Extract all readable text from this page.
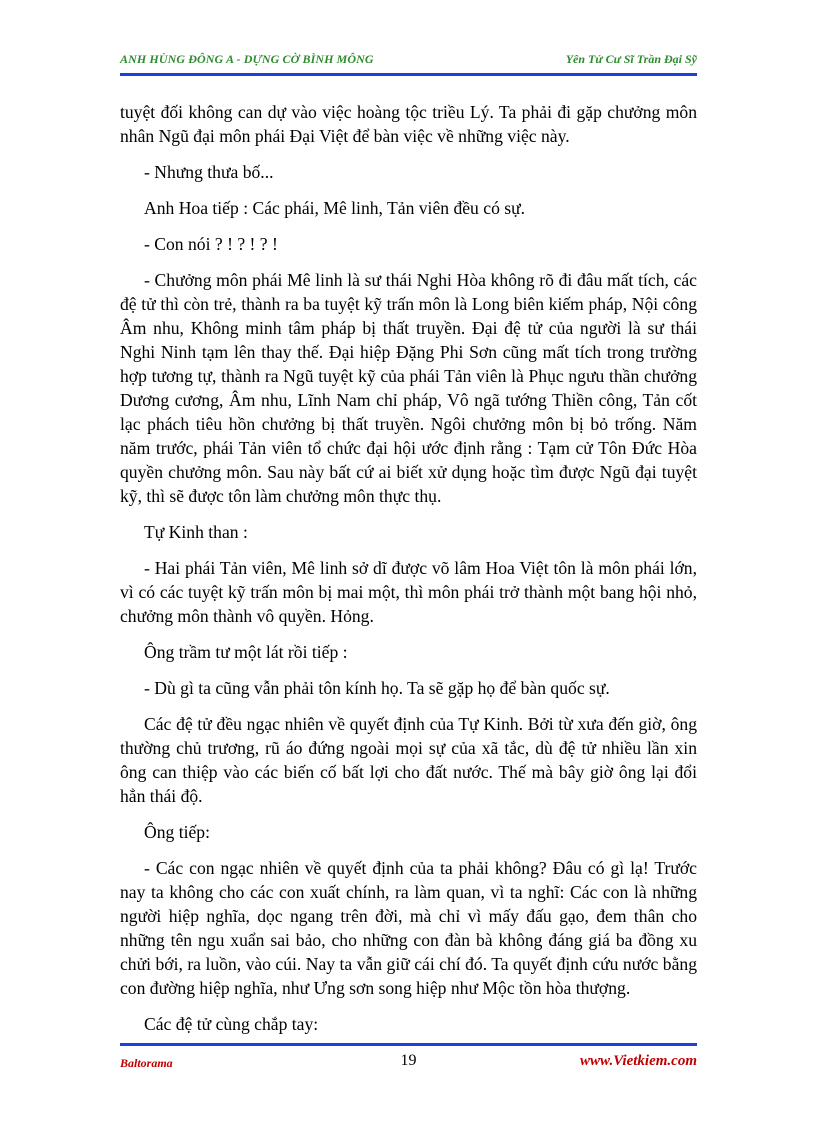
ANH HÙNG ĐÔNG A - DỰNG CỜ BÌNH MÔNG	Yên Tử Cư Sĩ Trần Đại Sỹ

tuyệt đối không can dự vào việc hoàng tộc triều Lý. Ta phải đi gặp chưởng môn nhân Ngũ đại môn phái Đại Việt để bàn việc về những việc này.

- Nhưng thưa bố...

Anh Hoa tiếp : Các phái, Mê linh, Tản viên đều có sự.

- Con nói ? ! ? ! ? !

- Chưởng môn phái Mê linh là sư thái Nghi Hòa không rõ đi đâu mất tích, các đệ tử thì còn trẻ, thành ra ba tuyệt kỹ trấn môn là Long biên kiếm pháp, Nội công Âm nhu, Không minh tâm pháp bị thất truyền. Đại đệ tử của người là sư thái Nghi Ninh tạm lên thay thế. Đại hiệp Đặng Phi Sơn cũng mất tích trong trường hợp tương tự, thành ra Ngũ tuyệt kỹ của phái Tản viên là Phục ngưu thần chưởng Dương cương, Âm nhu, Lĩnh Nam chỉ pháp, Vô ngã tướng Thiền công, Tản cốt lạc phách tiêu hồn chưởng bị thất truyền. Ngôi chưởng môn bị bỏ trống. Năm năm trước, phái Tản viên tổ chức đại hội ước định rằng : Tạm cử Tôn Đức Hòa quyền chưởng môn. Sau này bất cứ ai biết xử dụng hoặc tìm được Ngũ đại tuyệt kỹ, thì sẽ được tôn làm chưởng môn thực thụ.

Tự Kinh than :

- Hai phái Tản viên, Mê linh sở dĩ được võ lâm Hoa Việt tôn là môn phái lớn, vì có các tuyệt kỹ trấn môn bị mai một, thì môn phái trở thành một bang hội nhỏ, chưởng môn thành vô quyền. Hỏng.

Ông trầm tư một lát rồi tiếp :

- Dù gì ta cũng vẫn phải tôn kính họ. Ta sẽ gặp họ để bàn quốc sự.

Các đệ tử đều ngạc nhiên về quyết định của Tự Kinh. Bởi từ xưa đến giờ, ông thường chủ trương, rũ áo đứng ngoài mọi sự của xã tắc, dù đệ tử nhiều lần xin ông can thiệp vào các biến cố bất lợi cho đất nước. Thế mà bây giờ ông lại đổi hẳn thái độ.

Ông tiếp:

- Các con ngạc nhiên về quyết định của ta phải không? Đâu có gì lạ! Trước nay ta không cho các con xuất chính, ra làm quan, vì ta nghĩ: Các con là những người hiệp nghĩa, dọc ngang trên đời, mà chỉ vì mấy đấu gạo, đem thân cho những tên ngu xuẩn sai bảo, cho những con đàn bà không đáng giá ba đồng xu chửi bới, ra luồn, vào cúi. Nay ta vẫn giữ cái chí đó. Ta quyết định cứu nước bằng con đường hiệp nghĩa, như Ưng sơn song hiệp như Mộc tồn hòa thượng.

Các đệ tử cùng chắp tay:

Baltorama	19	www.Vietkiem.com
